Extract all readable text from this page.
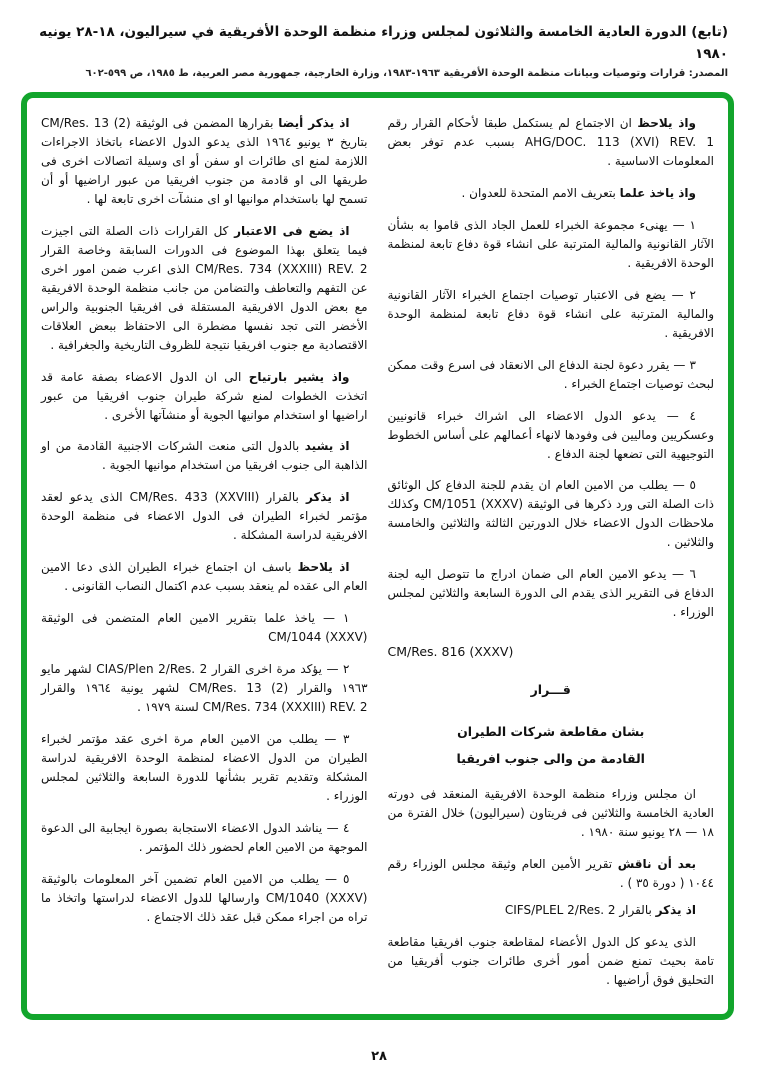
(تابع) الدورة العادية الخامسة والثلاثون لمجلس وزراء منظمة الوحدة الأفريقية في سيراليون، ١٨-٢٨ يونيه ١٩٨٠
المصدر: قرارات وتوصيات وبيانات منظمة الوحدة الأفريقية ١٩٦٣-١٩٨٣، وزارة الخارجية، جمهورية مصر العربية، ط ١٩٨٥، ص ٥٩٩-٦٠٢

واذ يلاحظ ان الاجتماع لم يستكمل طبقا لأحكام القرار رقم AHG/DOC. 113 (XVI) REV. 1 بسبب عدم توفر بعض المعلومات الاساسية .

واذ ياخذ علما بتعريف الامم المتحدة للعدوان .

١ — يهنىء مجموعة الخبراء للعمل الجاد الذى قاموا به بشأن الآثار القانونية والمالية المترتبة على انشاء قوة دفاع تابعة لمنظمة الوحدة الافريقية .

٢ — يضع فى الاعتبار توصيات اجتماع الخبراء الآثار القانونية والمالية المترتبة على انشاء قوة دفاع تابعة لمنظمة الوحدة الافريقية .

٣ — يقرر دعوة لجنة الدفاع الى الانعقاد فى اسرع وقت ممكن لبحث توصيات اجتماع الخبراء .

٤ — يدعو الدول الاعضاء الى اشراك خبراء قانونيين وعسكريين وماليين فى وفودها لانهاء أعمالهم على أساس الخطوط التوجيهية التى تضعها لجنة الدفاع .

٥ — يطلب من الامين العام ان يقدم للجنة الدفاع كل الوثائق ذات الصلة التى ورد ذكرها فى الوثيقة CM/1051 (XXXV) وكذلك ملاحظات الدول الاعضاء خلال الدورتين الثالثة والثلاثين والخامسة والثلاثين .

٦ — يدعو الامين العام الى ضمان ادراج ما تتوصل اليه لجنة الدفاع فى التقرير الذى يقدم الى الدورة السابعة والثلاثين لمجلس الوزراء .

CM/Res. 816 (XXXV)

قـــرار

بشان مقاطعة شركات الطيران

القادمة من والى جنوب افريقيا

ان مجلس وزراء منظمة الوحدة الافريقية المنعقد فى دورته العادية الخامسة والثلاثين فى فريتاون (سيراليون) خلال الفترة من ١٨ — ٢٨ يونيو سنة ١٩٨٠ .

بعد أن ناقش تقرير الأمين العام وثيقة مجلس الوزراء رقم ١٠٤٤ ( دورة ٣٥ ) .

اذ يذكر بالقرار CIFS/PLEL 2/Res. 2

الذى يدعو كل الدول الأعضاء لمقاطعة جنوب افريقيا مقاطعة تامة بحيث تمنع ضمن أمور أخرى طائرات جنوب أفريقيا من التحليق فوق أراضيها .

اذ يذكر أيضا بقرارها المضمن فى الوثيقة CM/Res. 13 (2) بتاريخ ٣ يونيو ١٩٦٤ الذى يدعو الدول الاعضاء باتخاذ الاجراءات اللازمة لمنع اى طائرات او سفن أو اى وسيلة اتصالات اخرى فى طريقها الى او قادمة من جنوب افريقيا من عبور اراضيها أو أن تسمح لها باستخدام موانيها او اى منشآت اخرى تابعة لها .

اذ يضع فى الاعتبار كل القرارات ذات الصلة التى اجيزت فيما يتعلق بهذا الموضوع فى الدورات السابقة وخاصة القرار CM/Res. 734 (XXXIII) REV. 2 الذى اعرب ضمن امور اخرى عن التفهم والتعاطف والتضامن من جانب منظمة الوحدة الافريقية مع بعض الدول الافريقية المستقلة فى افريقيا الجنوبية والراس الأخضر التى تجد نفسها مضطرة الى الاحتفاظ ببعض العلاقات الاقتصادية مع جنوب افريقيا نتيجة للظروف التاريخية والجغرافية .

واذ يشير بارتياح الى ان الدول الاعضاء بصفة عامة قد اتخذت الخطوات لمنع شركة طيران جنوب افريقيا من عبور اراضيها او استخدام موانيها الجوية أو منشآتها الأخرى .

اذ يشيد بالدول التى منعت الشركات الاجنبية القادمة من او الذاهبة الى جنوب افريقيا من استخدام موانيها الجوية .

اذ يذكر بالقرار CM/Res. 433 (XXVIII) الذى يدعو لعقد مؤتمر لخبراء الطيران فى الدول الاعضاء فى منظمة الوحدة الافريقية لدراسة المشكلة .

اذ يلاحظ باسف ان اجتماع خبراء الطيران الذى دعا الامين العام الى عقده لم ينعقد بسبب عدم اكتمال النصاب القانونى .

١ — ياخذ علما بتقرير الامين العام المتضمن فى الوثيقة CM/1044 (XXXV)

٢ — يؤكد مرة اخرى القرار CIAS/Plen 2/Res. 2 لشهر مايو ١٩٦٣ والقرار CM/Res. 13 (2) لشهر يونية ١٩٦٤ والقرار CM/Res. 734 (XXXIII) REV. 2 لسنة ١٩٧٩ .

٣ — يطلب من الامين العام مرة اخرى عقد مؤتمر لخبراء الطيران من الدول الاعضاء لمنظمة الوحدة الافريقية لدراسة المشكلة وتقديم تقرير بشأنها للدورة السابعة والثلاثين لمجلس الوزراء .

٤ — يناشد الدول الاعضاء الاستجابة بصورة ايجابية الى الدعوة الموجهة من الامين العام لحضور ذلك المؤتمر .

٥ — يطلب من الامين العام تضمين آخر المعلومات بالوثيقة CM/1040 (XXXV) وارسالها للدول الاعضاء لدراستها واتخاذ ما تراه من اجراء ممكن قبل عقد ذلك الاجتماع .

٢٨
